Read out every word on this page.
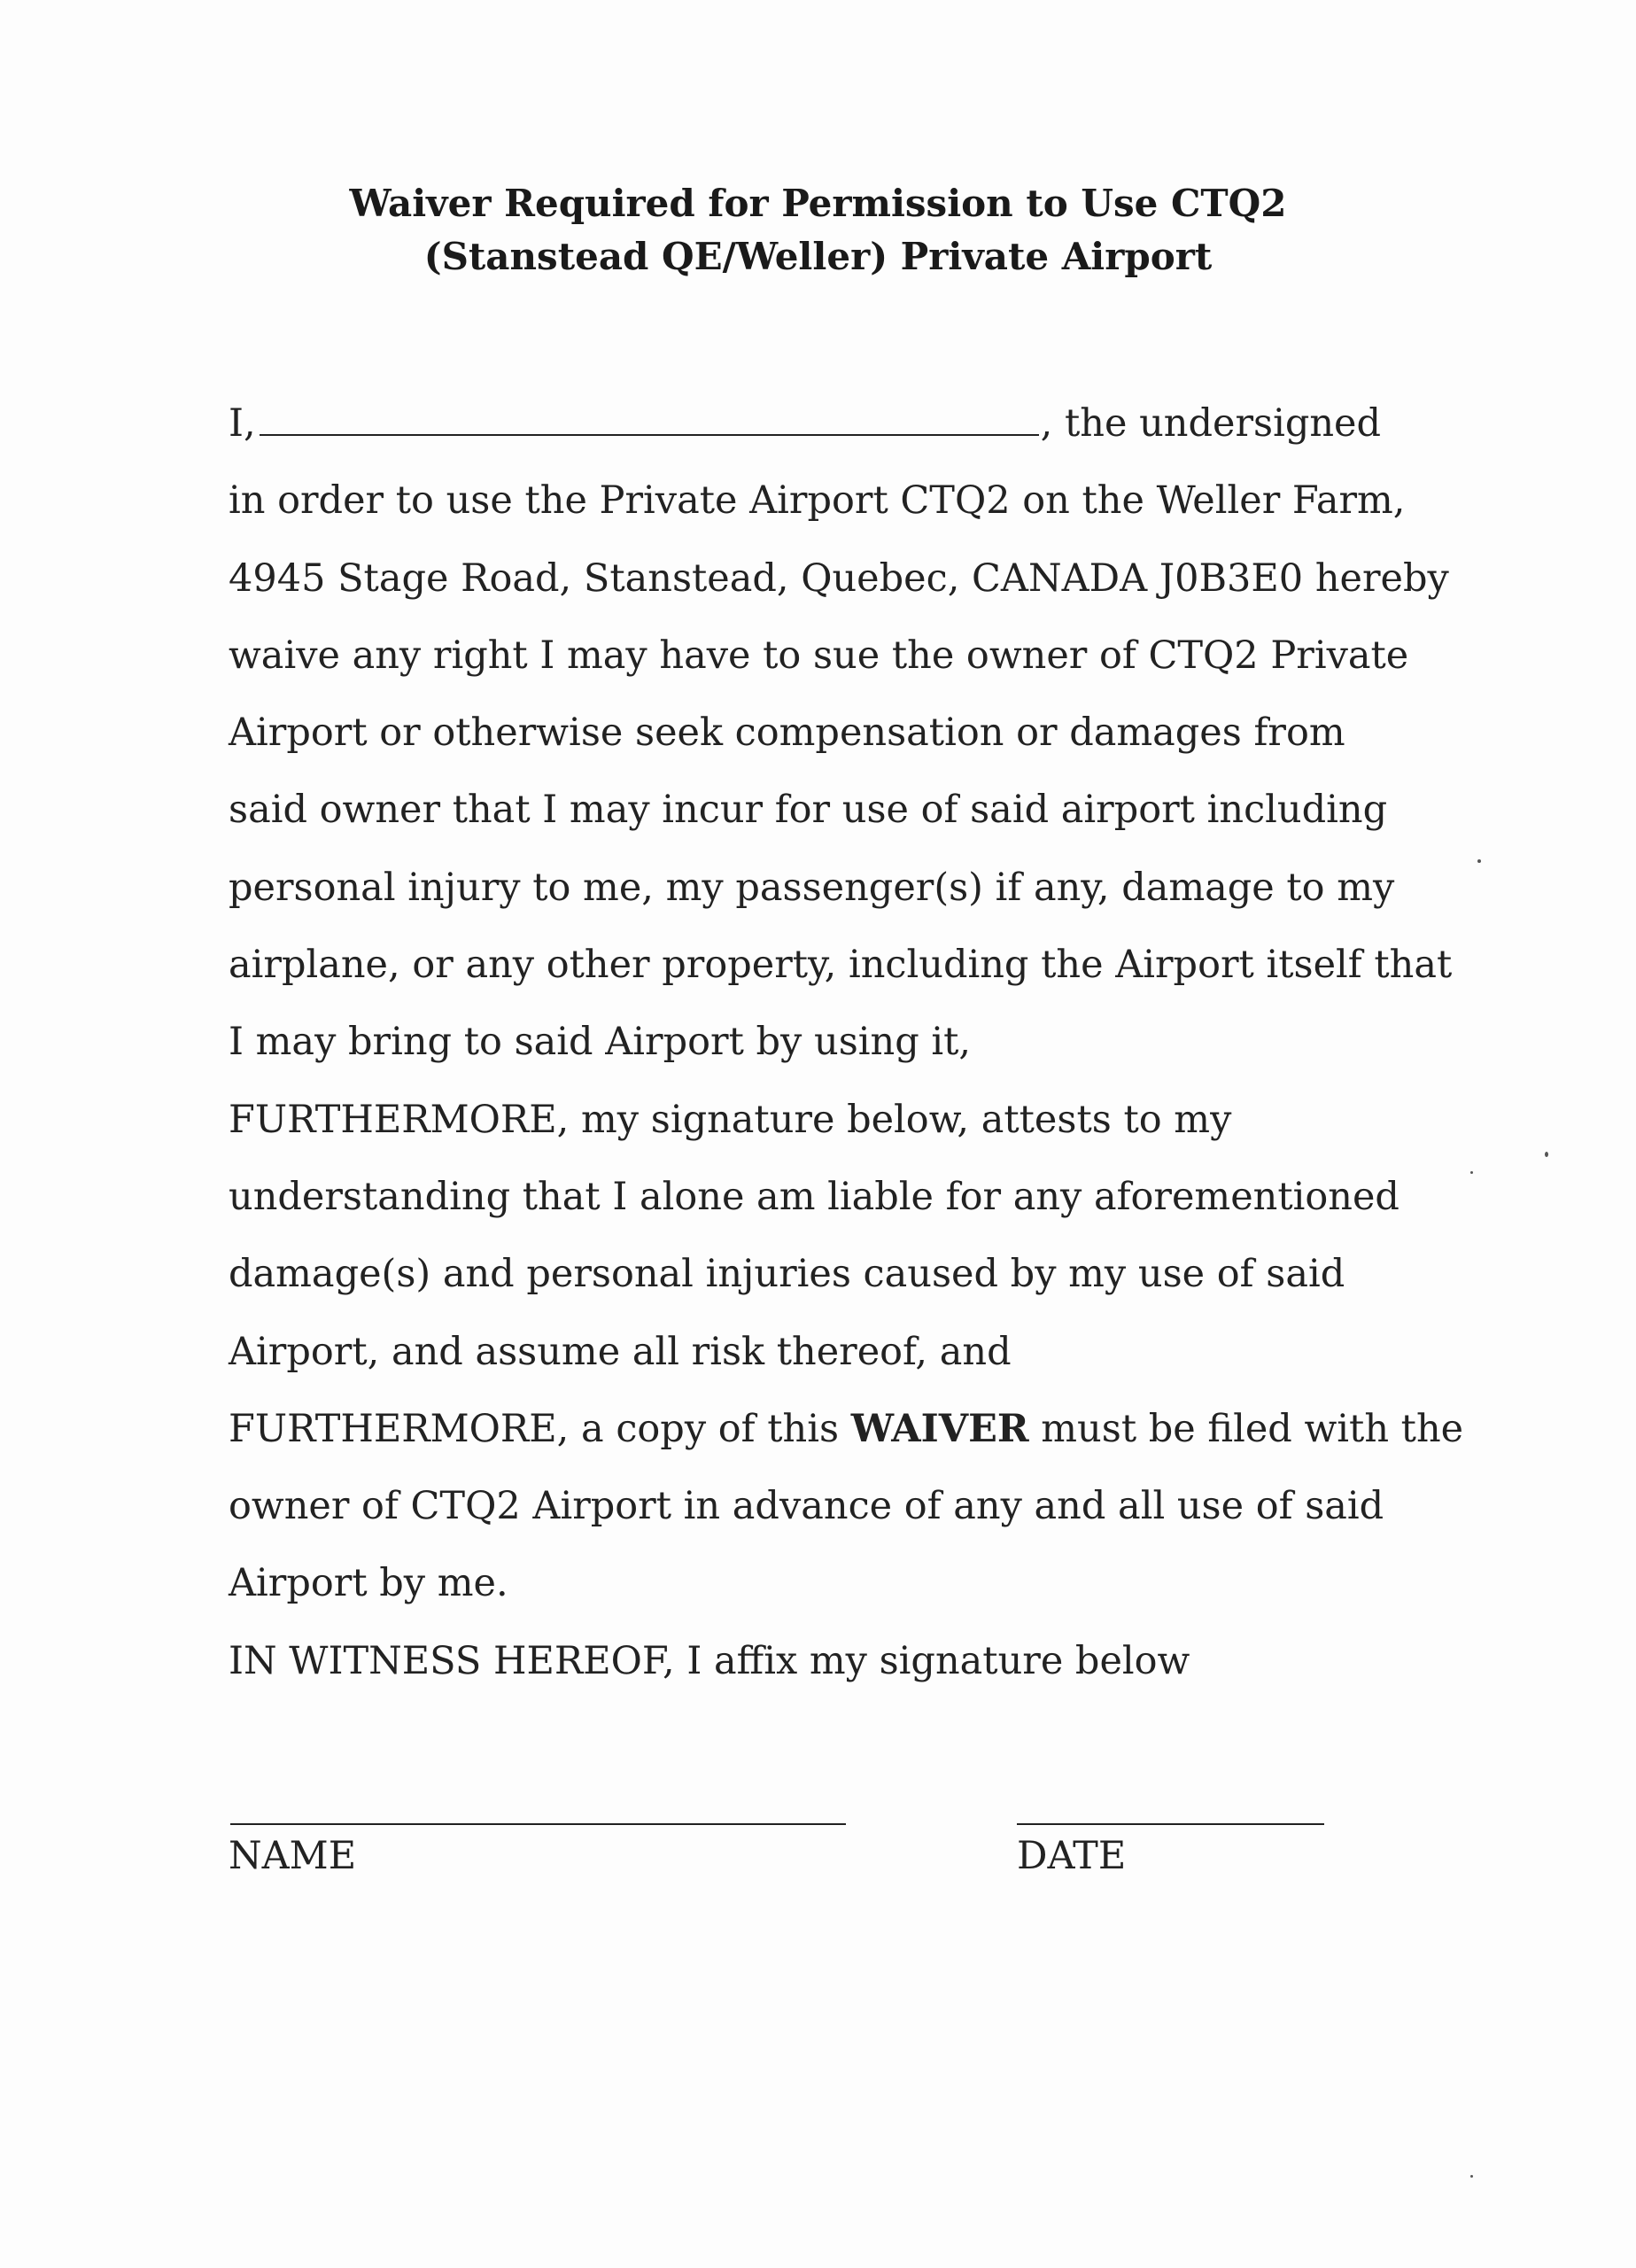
Waiver Required for Permission to Use CTQ2
(Stanstead QE/Weller) Private Airport
I,	, the undersigned
in order to use the Private Airport CTQ2 on the Weller Farm,
4945 Stage Road, Stanstead, Quebec, CANADA J0B3E0 hereby
waive any right I may have to sue the owner of CTQ2 Private
Airport or otherwise seek compensation or damages from
said owner that I may incur for use of said airport including
personal injury to me, my passenger(s) if any, damage to my
airplane, or any other property, including the Airport itself that
I may bring to said Airport by using it,
FURTHERMORE, my signature below, attests to my
understanding that I alone am liable for any aforementioned
damage(s) and personal injuries caused by my use of said
Airport, and assume all risk thereof, and
FURTHERMORE, a copy of this WAIVER must be filed with the
owner of CTQ2 Airport in advance of any and all use of said
Airport by me.
IN WITNESS HEREOF, I affix my signature below
NAME	DATE
